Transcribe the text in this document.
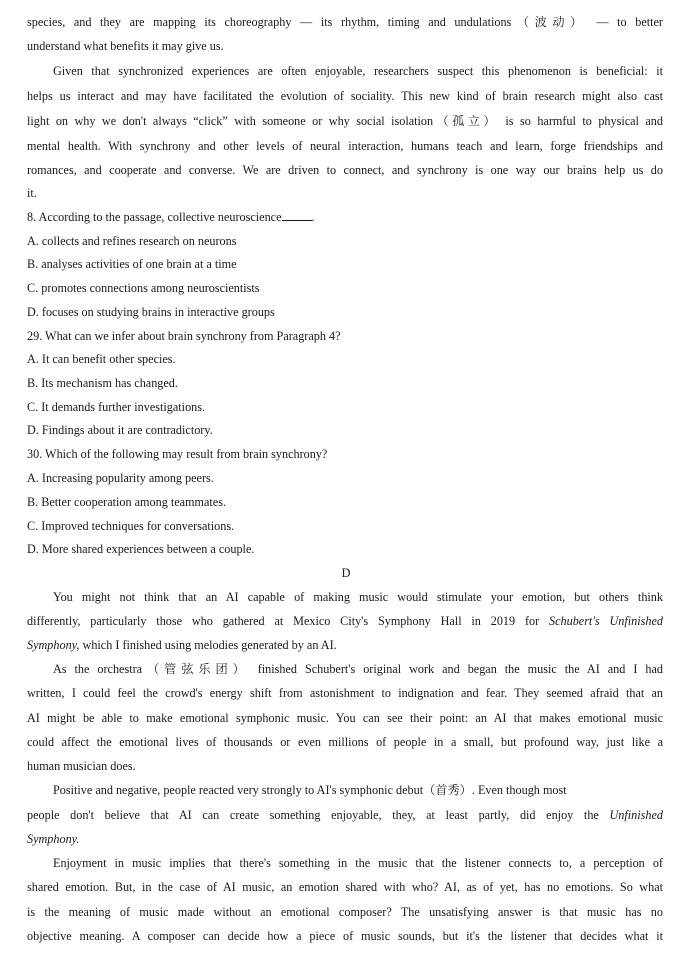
species, and they are mapping its choreography — its rhythm, timing and undulations（波动） — to better
understand what benefits it may give us.
Given that synchronized experiences are often enjoyable, researchers suspect this phenomenon is beneficial: it
helps us interact and may have facilitated the evolution of sociality. This new kind of brain research might also cast
light on why we don't always “click” with someone or why social isolation（孤立） is so harmful to physical and
mental health. With synchrony and other levels of neural interaction, humans teach and learn, forge friendships and
romances, and cooperate and converse. We are driven to connect, and synchrony is one way our brains help us do
it.
8. According to the passage, collective neuroscience .
A. collects and refines research on neurons
B. analyses activities of one brain at a time
C. promotes connections among neuroscientists
D. focuses on studying brains in interactive groups
29. What can we infer about brain synchrony from Paragraph 4?
A. It can benefit other species.
B. Its mechanism has changed.
C. It demands further investigations.
D. Findings about it are contradictory.
30. Which of the following may result from brain synchrony?
A. Increasing popularity among peers.
B. Better cooperation among teammates.
C. Improved techniques for conversations.
D. More shared experiences between a couple.
D
You might not think that an AI capable of making music would stimulate your emotion, but others think
differently, particularly those who gathered at Mexico City's Symphony Hall in 2019 for Schubert's Unfinished
Symphony, which I finished using melodies generated by an AI.
As the orchestra（管弦乐团） finished Schubert's original work and began the music the AI and I had
written, I could feel the crowd's energy shift from astonishment to indignation and fear. They seemed afraid that an
AI might be able to make emotional symphonic music. You can see their point: an AI that makes emotional music
could affect the emotional lives of thousands or even millions of people in a small, but profound way, just like a
human musician does.
Positive and negative, people reacted very strongly to AI's symphonic debut（首秀）. Even though most
people don't believe that AI can create something enjoyable, they, at least partly, did enjoy the Unfinished
Symphony.
Enjoyment in music implies that there's something in the music that the listener connects to, a perception of
shared emotion. But, in the case of AI music, an emotion shared with who? AI, as of yet, has no emotions. So what
is the meaning of music made without an emotional composer? The unsatisfying answer is that music has no
objective meaning. A composer can decide how a piece of music sounds, but it's the listener that decides what it
